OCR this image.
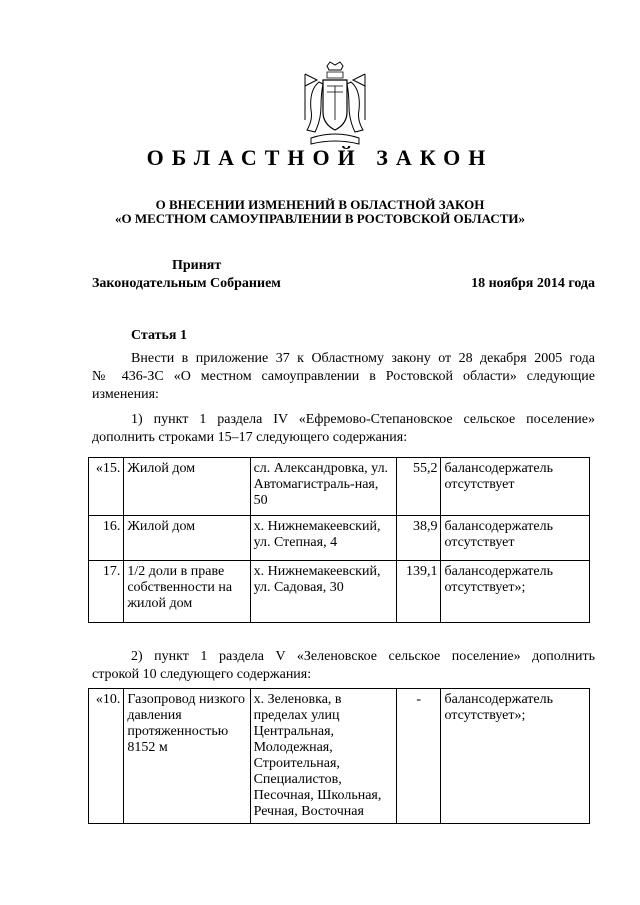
ОБЛАСТНОЙ ЗАКОН
О ВНЕСЕНИИ ИЗМЕНЕНИЙ В ОБЛАСТНОЙ ЗАКОН
«О МЕСТНОМ САМОУПРАВЛЕНИИ В РОСТОВСКОЙ ОБЛАСТИ»
Принят
Законодательным Собранием	18 ноября 2014 года
Статья 1
Внести в приложение 37 к Областному закону от 28 декабря 2005 года
№ 436-ЗС «О местном самоуправлении в Ростовской области» следующие
изменения:
1) пункт 1 раздела IV «Ефремово-Степановское сельское поселение»
дополнить строками 15–17 следующего содержания:
«15.	Жилой дом	сл. Александровка, ул. Автомагистраль-ная, 50	55,2	балансодержатель отсутствует
16.	Жилой дом	х. Нижнемакеевский, ул. Степная, 4	38,9	балансодержатель отсутствует
17.	1/2 доли в праве собственности на жилой дом	х. Нижнемакеевский, ул. Садовая, 30	139,1	балансодержатель отсутствует»;
2) пункт 1 раздела V «Зеленовское сельское поселение» дополнить
строкой 10 следующего содержания:
«10.	Газопровод низкого давления протяженностью 8152 м	х. Зеленовка, в пределах улиц Центральная, Молодежная, Строительная, Специалистов, Песочная, Школьная, Речная, Восточная	-	балансодержатель отсутствует»;
